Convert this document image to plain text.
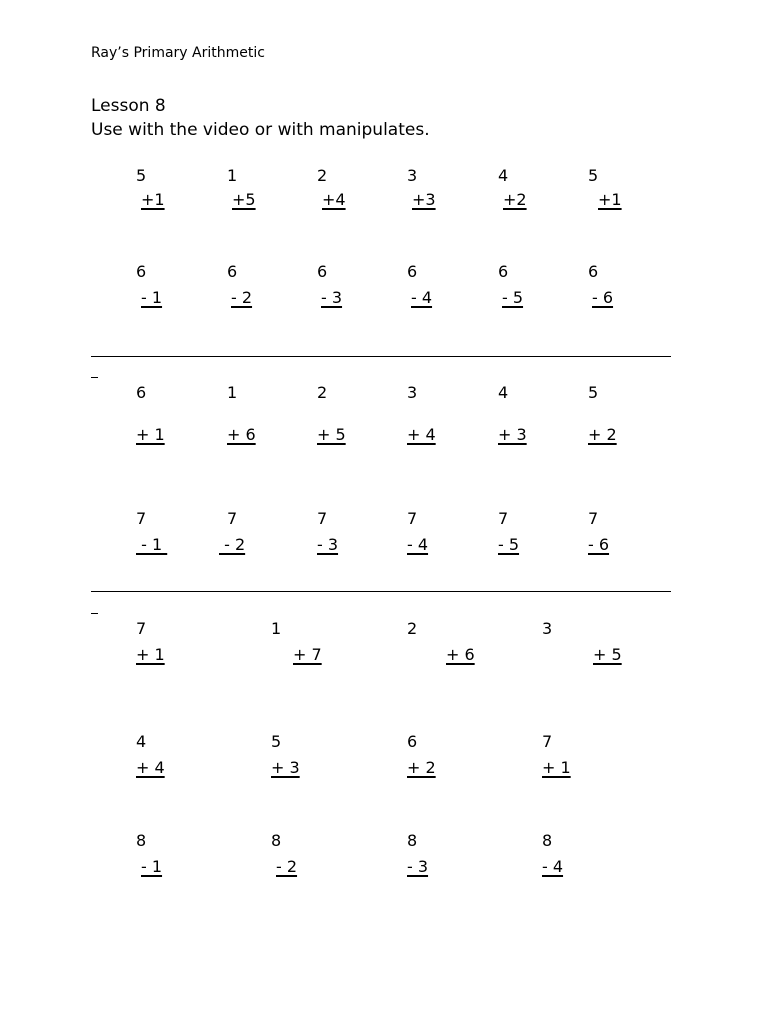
Ray’s Primary Arithmetic
Lesson 8
Use with the video or with manipulates.
5
+1
1
+5
2
+4
3
+3
4
+2
5
+1
6
- 1
6
- 2
6
- 3
6
- 4
6
- 5
6
- 6
6
+ 1
1
+ 6
2
+ 5
3
+ 4
4
+ 3
5
+ 2
7
- 1
7
- 2
7
- 3
7
- 4
7
- 5
7
- 6
7
+ 1
1
+ 7
2
+ 6
3
+ 5
4
+ 4
5
+ 3
6
+ 2
7
+ 1
8
- 1
8
- 2
8
- 3
8
- 4
